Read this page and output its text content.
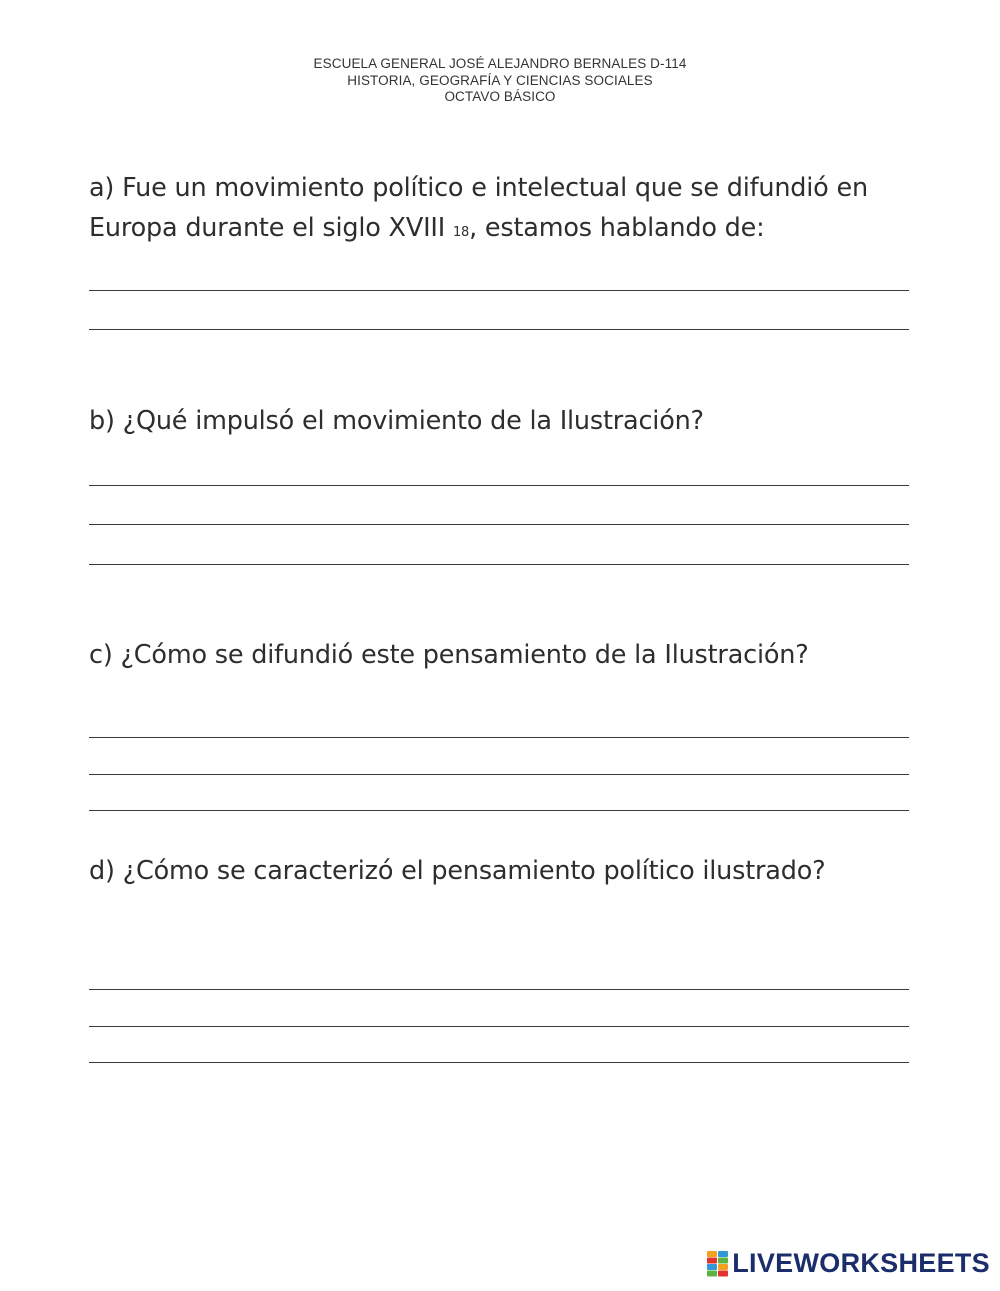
ESCUELA GENERAL JOSÉ ALEJANDRO BERNALES D-114
HISTORIA, GEOGRAFÍA Y CIENCIAS SOCIALES
OCTAVO BÁSICO
a) Fue un movimiento político e intelectual que se difundió en Europa durante el siglo XVIII 18, estamos hablando de:
b) ¿Qué impulsó el movimiento de la Ilustración?
c) ¿Cómo se difundió este pensamiento de la Ilustración?
d) ¿Cómo se caracterizó el pensamiento político ilustrado?
LIVEWORKSHEETS
